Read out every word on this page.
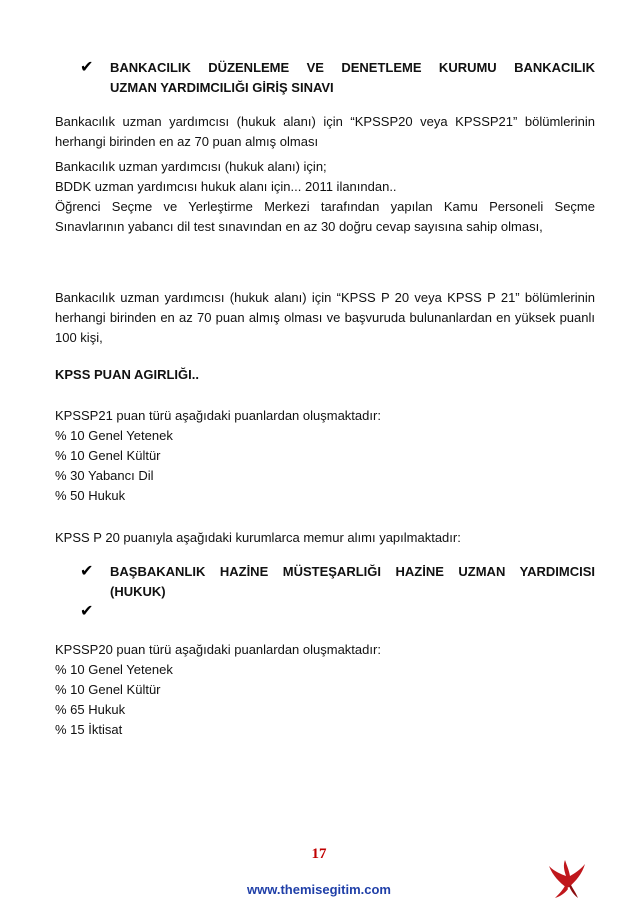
✔	BANKACILIK DÜZENLEME VE DENETLEME KURUMU BANKACILIK
UZMAN YARDIMCILIĞI GİRİŞ SINAVI
Bankacılık uzman yardımcısı (hukuk alanı) için “KPSSP20 veya KPSSP21” bölümlerinin herhangi birinden en az 70 puan almış olması
Bankacılık uzman yardımcısı (hukuk alanı) için;
BDDK uzman yardımcısı hukuk alanı için... 2011 ilanından..
Öğrenci Seçme ve Yerleştirme Merkezi tarafından yapılan Kamu Personeli Seçme Sınavlarının yabancı dil test sınavından en az 30 doğru cevap sayısına sahip olması,
Bankacılık uzman yardımcısı (hukuk alanı) için “KPSS P 20 veya KPSS P 21” bölümlerinin herhangi birinden en az 70 puan almış olması ve başvuruda bulunanlardan en yüksek puanlı 100 kişi,
KPSS PUAN AGIRLIĞI..
KPSSP21 puan türü aşağıdaki puanlardan oluşmaktadır:
% 10 Genel Yetenek
% 10 Genel Kültür
% 30 Yabancı Dil
% 50 Hukuk
KPSS P 20 puanıyla aşağıdaki kurumlarca memur alımı yapılmaktadır:
✔	BAŞBAKANLIK HAZİNE MÜSTEŞARLIĞI HAZİNE UZMAN YARDIMCISI
(HUKUK)
✔
KPSSP20 puan türü aşağıdaki puanlardan oluşmaktadır:
% 10 Genel Yetenek
% 10 Genel Kültür
% 65 Hukuk
% 15 İktisat
17
www.themisegitim.com
